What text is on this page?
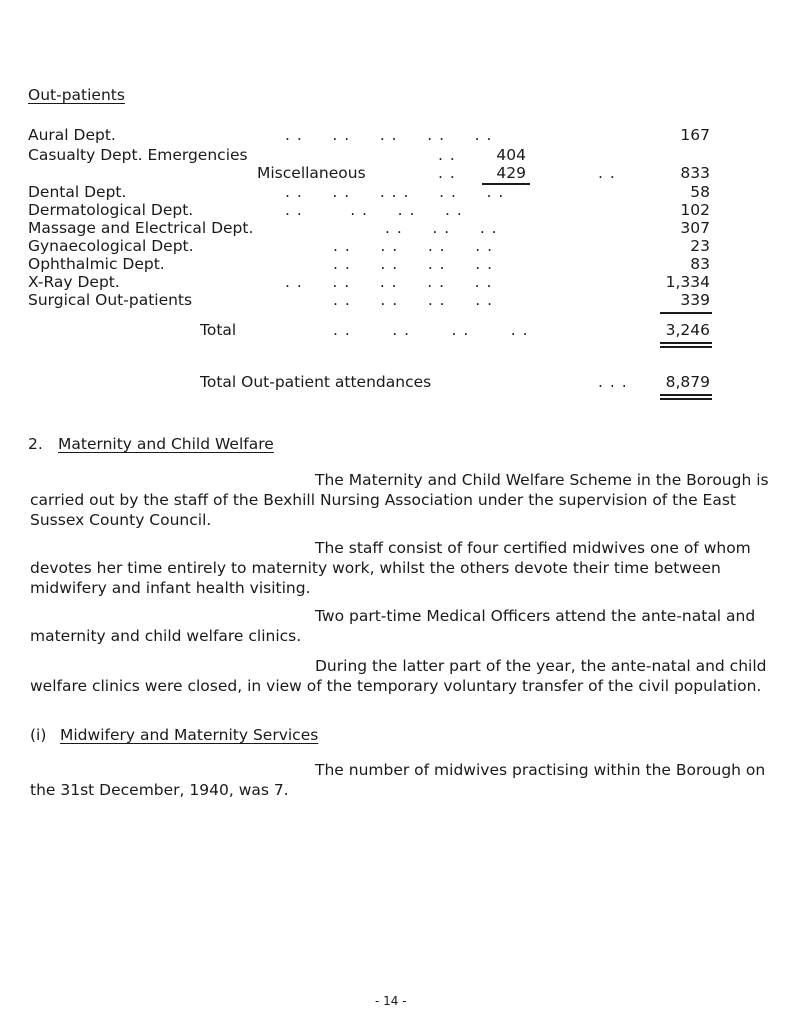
Out-patients
Aural Dept.	. .     . .     . .     . .     . .	167
Casualty Dept. Emergencies	. .	404
Miscellaneous	. .	429	. .	833
Dental Dept.	. .     . .     . . .     . .     . .	58
Dermatological Dept.	. .        . .     . .     . .	102
Massage and Electrical Dept.	. .     . .     . .	307
Gynaecological Dept.	. .     . .     . .     . .	23
Ophthalmic Dept.	. .     . .     . .     . .	83
X-Ray Dept.	. .     . .     . .     . .     . .	1,334
Surgical Out-patients	. .     . .     . .     . .	339
Total	. .       . .       . .       . .	3,246
Total Out-patient attendances	. . .	8,879
2. Maternity and Child Welfare
The Maternity and Child Welfare Scheme in the Borough is carried out by the staff of the Bexhill Nursing Association under the supervision of the East Sussex County Council.
The staff consist of four certified midwives one of whom devotes her time entirely to maternity work, whilst the others devote their time between midwifery and infant health visiting.
Two part-time Medical Officers attend the ante-natal and maternity and child welfare clinics.
During the latter part of the year, the ante-natal and child welfare clinics were closed, in view of the temporary voluntary transfer of the civil population.
(i) Midwifery and Maternity Services
The number of midwives practising within the Borough on the 31st December, 1940, was 7.
- 14 -
